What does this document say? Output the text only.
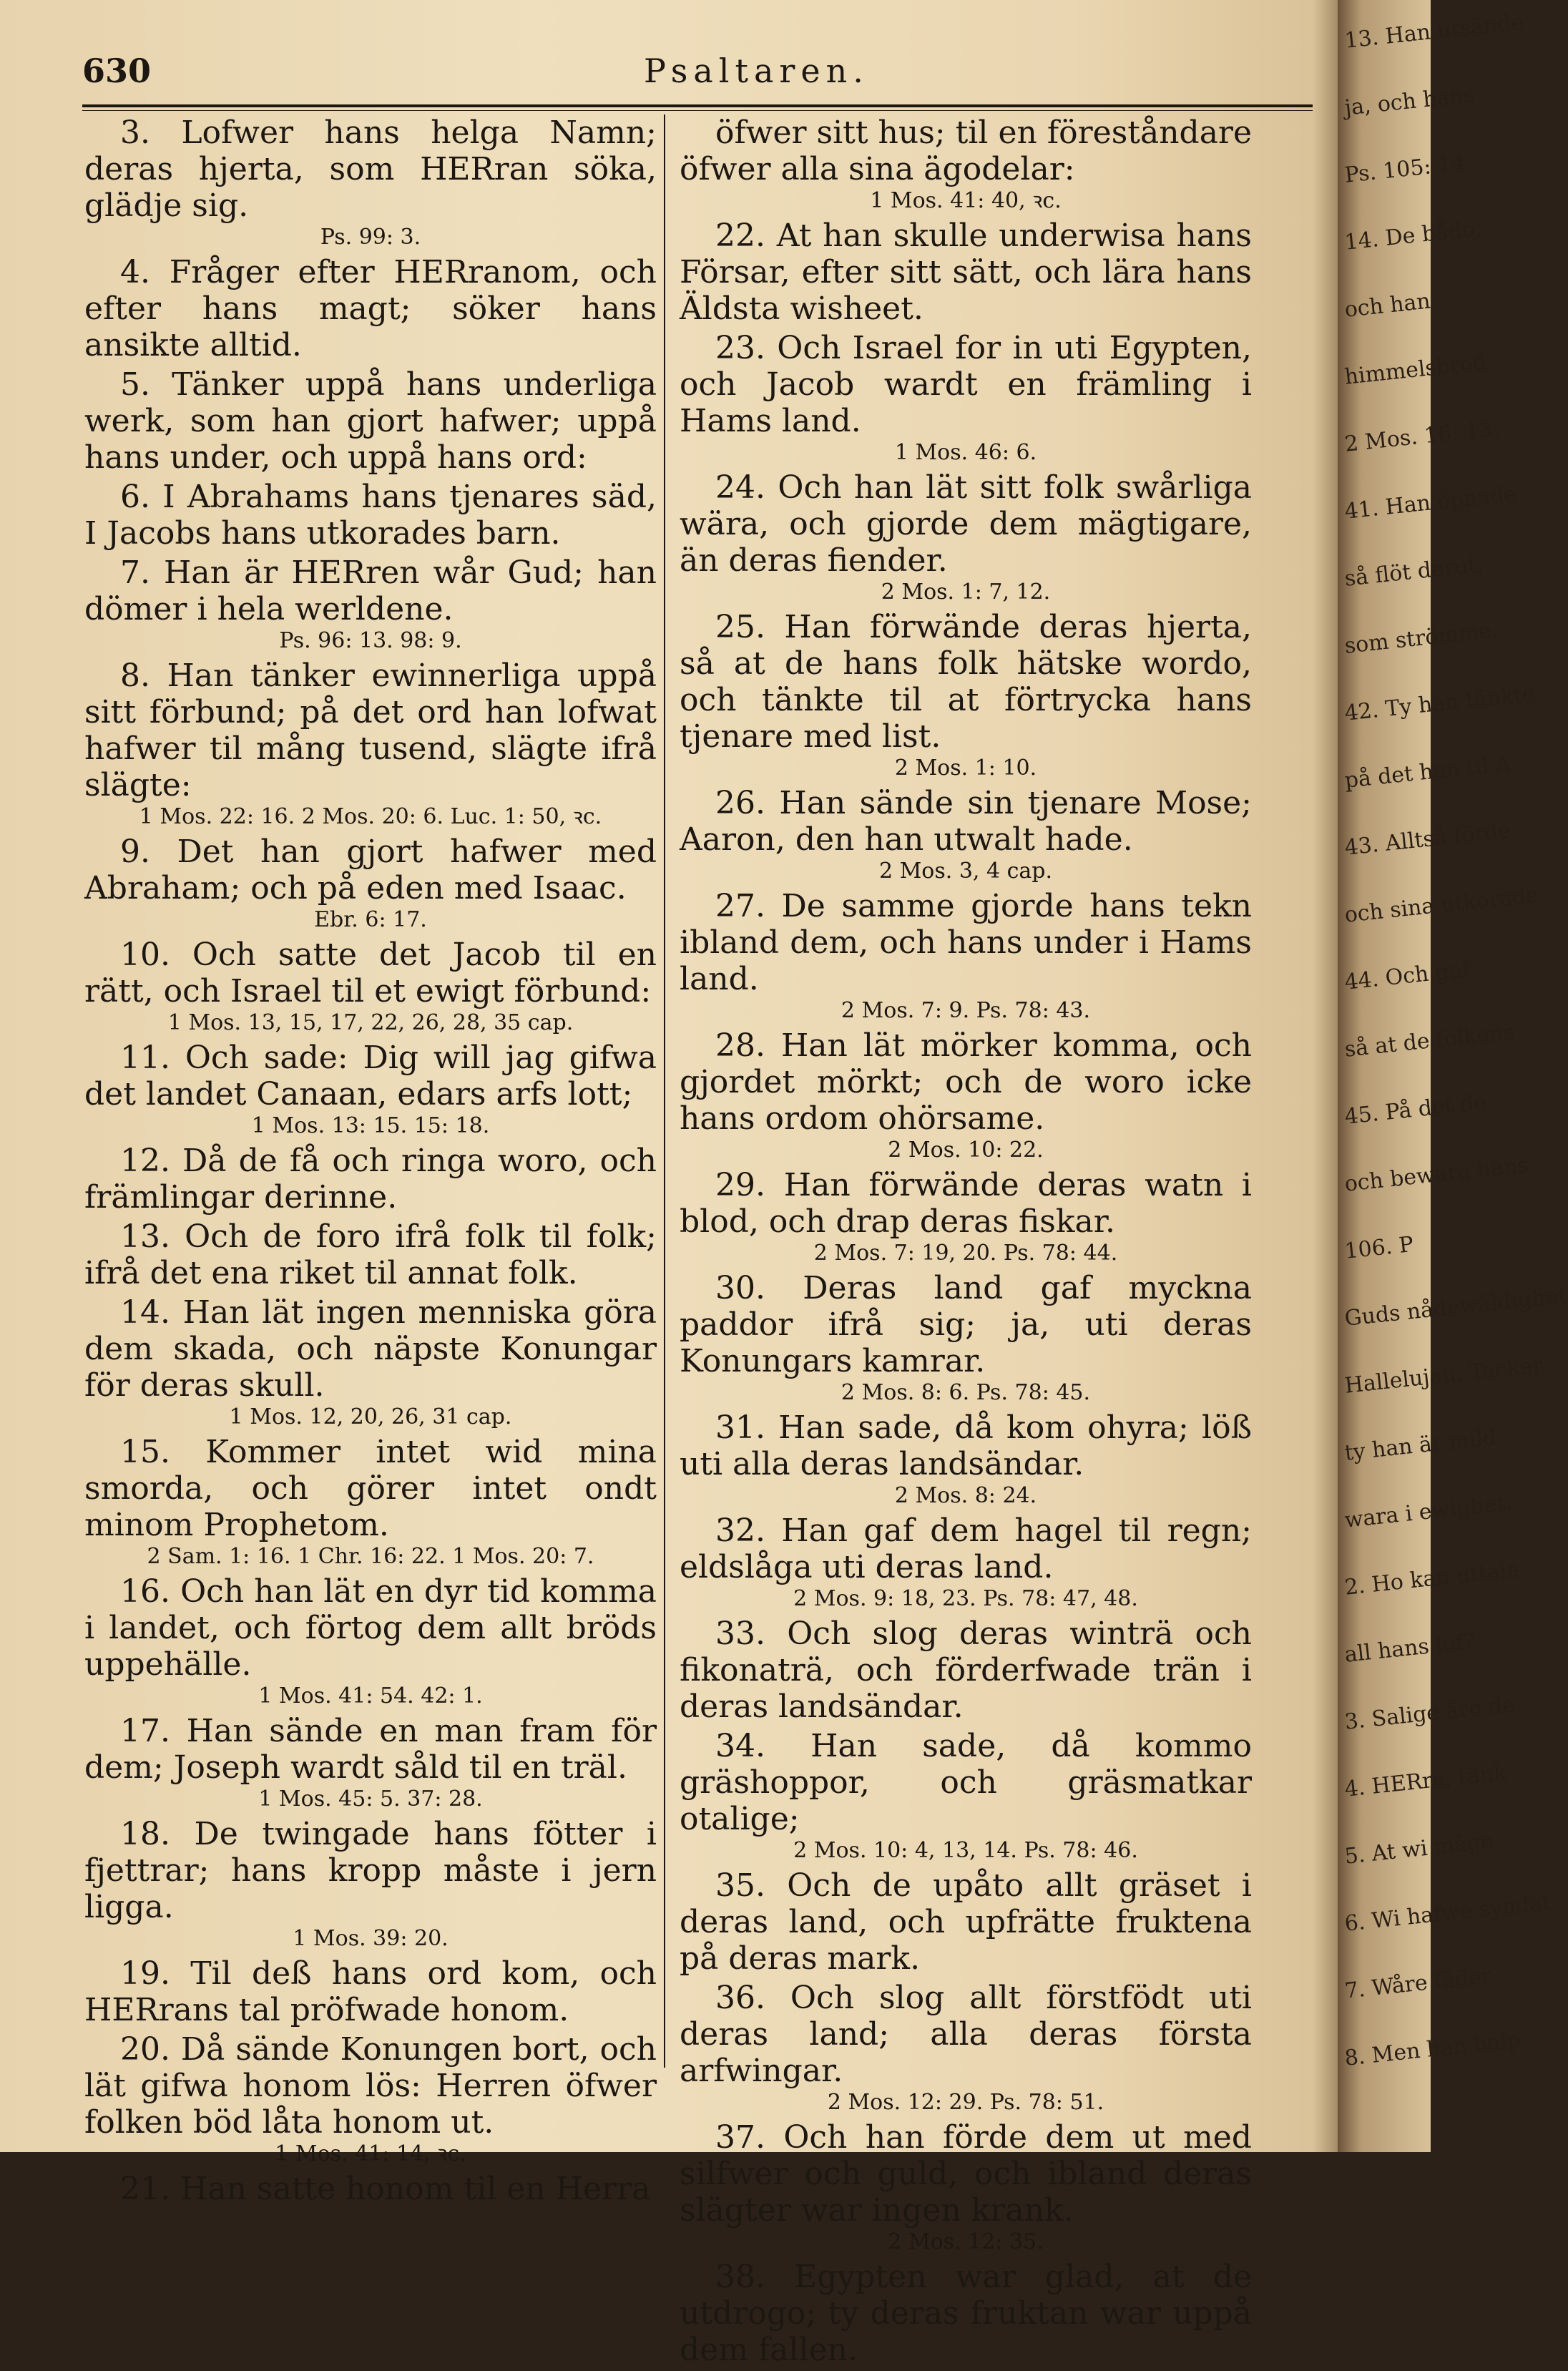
630	Psaltaren.

3. Lofwer hans helga Namn; deras hjerta, som HERran söka, glädje sig.

Ps. 99: 3.

4. Fråger efter HERranom, och efter hans magt; söker hans ansikte alltid.

5. Tänker uppå hans underliga werk, som han gjort hafwer; uppå hans under, och uppå hans ord:

6. I Abrahams hans tjenares säd, I Jacobs hans utkorades barn.

7. Han är HERren wår Gud; han dömer i hela werldene.

Ps. 96: 13. 98: 9.

8. Han tänker ewinnerliga uppå sitt förbund; på det ord han lofwat hafwer til mång tusend, slägte ifrå slägte:

1 Mos. 22: 16. 2 Mos. 20: 6. Luc. 1: 50, ꝛc.

9. Det han gjort hafwer med Abraham; och på eden med Isaac.

Ebr. 6: 17.

10. Och satte det Jacob til en rätt, och Israel til et ewigt förbund:

1 Mos. 13, 15, 17, 22, 26, 28, 35 cap.

11. Och sade: Dig will jag gifwa det landet Canaan, edars arfs lott;

1 Mos. 13: 15. 15: 18.

12. Då de få och ringa woro, och främlingar derinne.

13. Och de foro ifrå folk til folk; ifrå det ena riket til annat folk.

14. Han lät ingen menniska göra dem skada, och näpste Konungar för deras skull.

1 Mos. 12, 20, 26, 31 cap.

15. Kommer intet wid mina smorda, och görer intet ondt minom Prophetom.

2 Sam. 1: 16. 1 Chr. 16: 22. 1 Mos. 20: 7.

16. Och han lät en dyr tid komma i landet, och förtog dem allt bröds uppehälle.

1 Mos. 41: 54. 42: 1.

17. Han sände en man fram för dem; Joseph wardt såld til en träl.

1 Mos. 45: 5. 37: 28.

18. De twingade hans fötter i fjettrar; hans kropp måste i jern ligga.

1 Mos. 39: 20.

19. Til deß hans ord kom, och HERrans tal pröfwade honom.

20. Då sände Konungen bort, och lät gifwa honom lös: Herren öfwer folken böd låta honom ut.

1 Mos. 41: 14, ꝛc.

21. Han satte honom til en Herra

öfwer sitt hus; til en föreståndare öfwer alla sina ägodelar:

1 Mos. 41: 40, ꝛc.

22. At han skulle underwisa hans Försar, efter sitt sätt, och lära hans Äldsta wisheet.

23. Och Israel for in uti Egypten, och Jacob wardt en främling i Hams land.

1 Mos. 46: 6.

24. Och han lät sitt folk swårliga wära, och gjorde dem mägtigare, än deras fiender.

2 Mos. 1: 7, 12.

25. Han förwände deras hjerta, så at de hans folk hätske wordo, och tänkte til at förtrycka hans tjenare med list.

2 Mos. 1: 10.

26. Han sände sin tjenare Mose; Aaron, den han utwalt hade.

2 Mos. 3, 4 cap.

27. De samme gjorde hans tekn ibland dem, och hans under i Hams land.

2 Mos. 7: 9. Ps. 78: 43.

28. Han lät mörker komma, och gjordet mörkt; och de woro icke hans ordom ohörsame.

2 Mos. 10: 22.

29. Han förwände deras watn i blod, och drap deras fiskar.

2 Mos. 7: 19, 20. Ps. 78: 44.

30. Deras land gaf myckna paddor ifrå sig; ja, uti deras Konungars kamrar.

2 Mos. 8: 6. Ps. 78: 45.

31. Han sade, då kom ohyra; löß uti alla deras landsändar.

2 Mos. 8: 24.

32. Han gaf dem hagel til regn; eldslåga uti deras land.

2 Mos. 9: 18, 23. Ps. 78: 47, 48.

33. Och slog deras winträ och fikonaträ, och förderfwade trän i deras landsändar.

34. Han sade, då kommo gräshoppor, och gräsmatkar otalige;

2 Mos. 10: 4, 13, 14. Ps. 78: 46.

35. Och de upåto allt gräset i deras land, och upfrätte fruktena på deras mark.

36. Och slog allt förstfödt uti deras land; alla deras första arfwingar.

2 Mos. 12: 29. Ps. 78: 51.

37. Och han förde dem ut med silfwer och guld, och ibland deras slägter war ingen krank.

2 Mos. 12: 35.

38. Egypten war glad, at de utdrogo; ty deras fruktan war uppå dem fallen.

13. Han utsände
ja, och hans
Ps. 105: 14.
14. De bådo,
och han
himmelsbröd.
2 Mos. 16: 13.
41. Han öpnade
så flöt derut,
som strömme.
42. Ty han tänkte
på det han til A
43. Alltså förde
och sina utkorade
44. Och gaf
så at de folkens
45. På det de
och bewara hans
106. P
Guds nådewäldighet
Hallelujah. Tacker
ty han är mild
wara i ewighet.
2. Ho kan uttala
all hans lof?
3. Salige äro de
4. HERre, tänk
5. At wi måge
6. Wi hafwe syndat
7. Wåre fäder
8. Men han halp
